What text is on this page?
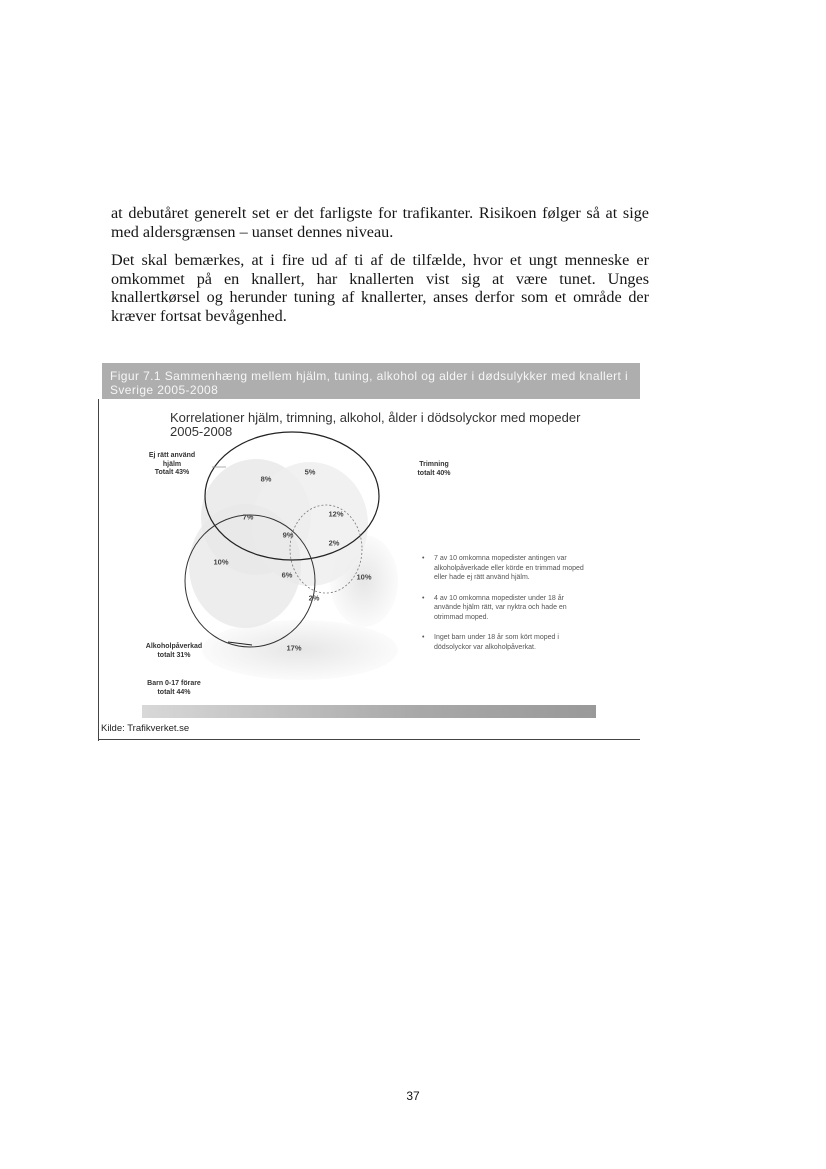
at debutåret generelt set er det farligste for trafikanter. Risikoen følger så at sige med aldersgrænsen – uanset dennes niveau.
Det skal bemærkes, at i fire ud af ti af de tilfælde, hvor et ungt menneske er omkommet på en knallert, har knallerten vist sig at være tunet. Unges knallertkørsel og herunder tuning af knallerter, anses derfor som et område der kræver fortsat bevågenhed.
Figur 7.1 Sammenhæng mellem hjälm, tuning, alkohol og alder i dødsulykker med knallert i Sverige 2005-2008
Korrelationer hjälm, trimning, alkohol, ålder i dödsolyckor med mopeder
2005-2008
Ej rätt använd
hjälm
Totalt 43%
Trimning
totalt 40%
Alkoholpåverkad
totalt 31%
Barn 0-17 förare
totalt 44%
8%
5%
7%	12%
9%
2%
10%
6%
2%
10%
17%
•	7 av 10 omkomna mopedister antingen var alkoholpåverkade eller körde en trimmad moped eller hade ej rätt använd hjälm.
•	4 av 10 omkomna mopedister under 18 år använde hjälm rätt, var nyktra och hade en otrimmad moped.
•	Inget barn under 18 år som kört moped i dödsolyckor var alkoholpåverkat.
Kilde: Trafikverket.se
37
